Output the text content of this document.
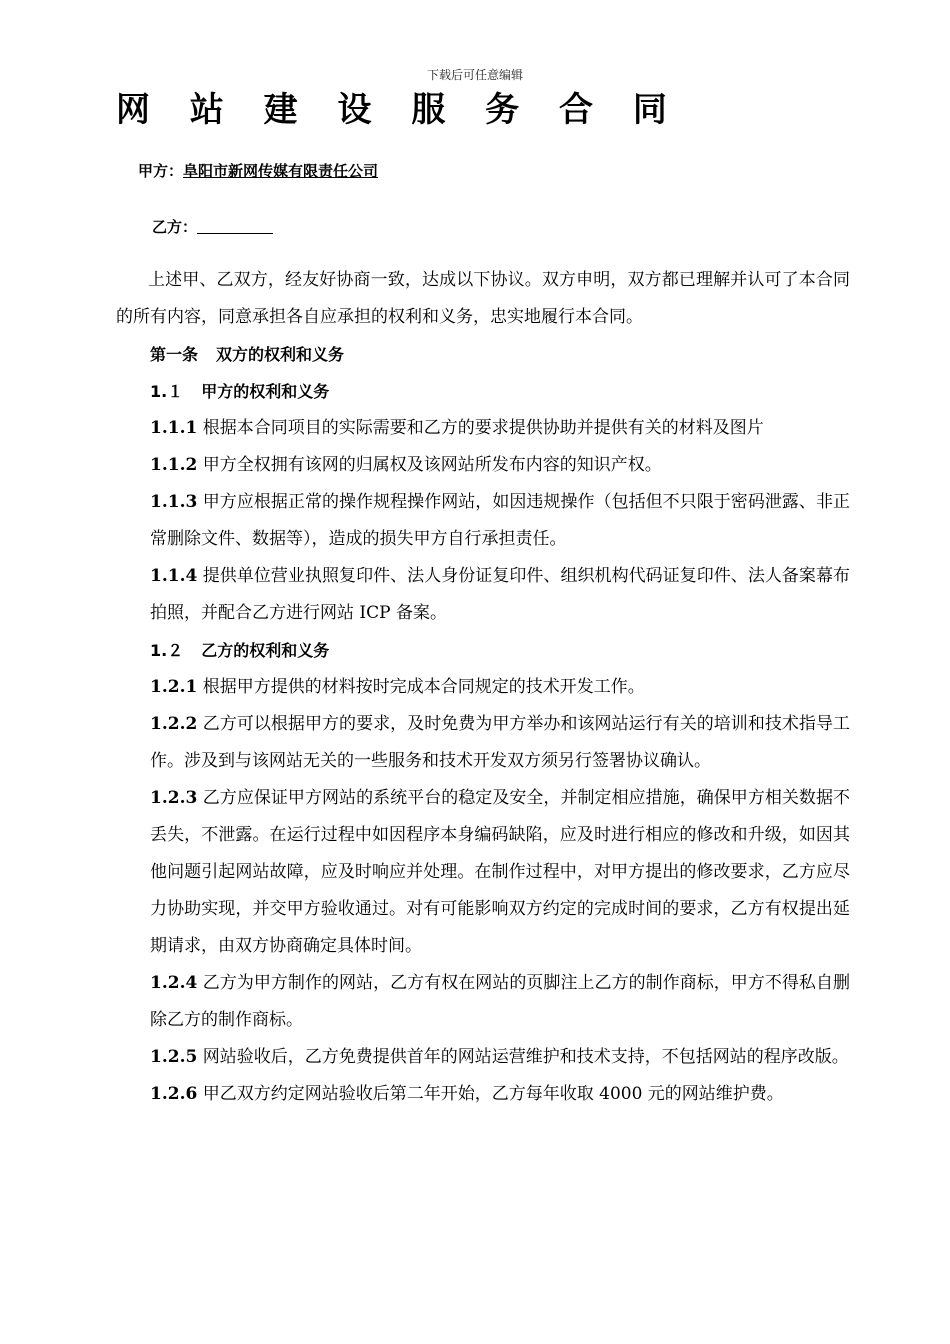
下载后可任意编辑
网 站 建 设 服 务 合 同
甲方：阜阳市新网传媒有限责任公司
乙方：

上述甲、乙双方，经友好协商一致，达成以下协议。双方申明，双方都已理解并认可了本合同的所有内容，同意承担各自应承担的权利和义务，忠实地履行本合同。

第一条 双方的权利和义务

1.１ 甲方的权利和义务

1.1.1 根据本合同项目的实际需要和乙方的要求提供协助并提供有关的材料及图片

1.1.2 甲方全权拥有该网的归属权及该网站所发布内容的知识产权。

1.1.3 甲方应根据正常的操作规程操作网站，如因违规操作（包括但不只限于密码泄露、非正常删除文件、数据等），造成的损失甲方自行承担责任。

1.1.4 提供单位营业执照复印件、法人身份证复印件、组织机构代码证复印件、法人备案幕布拍照，并配合乙方进行网站 ICP 备案。

1.２ 乙方的权利和义务

1.2.1 根据甲方提供的材料按时完成本合同规定的技术开发工作。

1.2.2 乙方可以根据甲方的要求，及时免费为甲方举办和该网站运行有关的培训和技术指导工作。涉及到与该网站无关的一些服务和技术开发双方须另行签署协议确认。

1.2.3 乙方应保证甲方网站的系统平台的稳定及安全，并制定相应措施，确保甲方相关数据不丢失，不泄露。在运行过程中如因程序本身编码缺陷，应及时进行相应的修改和升级，如因其他问题引起网站故障，应及时响应并处理。在制作过程中，对甲方提出的修改要求，乙方应尽力协助实现，并交甲方验收通过。对有可能影响双方约定的完成时间的要求，乙方有权提出延期请求，由双方协商确定具体时间。

1.2.4 乙方为甲方制作的网站，乙方有权在网站的页脚注上乙方的制作商标，甲方不得私自删除乙方的制作商标。

1.2.5 网站验收后，乙方免费提供首年的网站运营维护和技术支持，不包括网站的程序改版。

1.2.6 甲乙双方约定网站验收后第二年开始，乙方每年收取 4000 元的网站维护费。
